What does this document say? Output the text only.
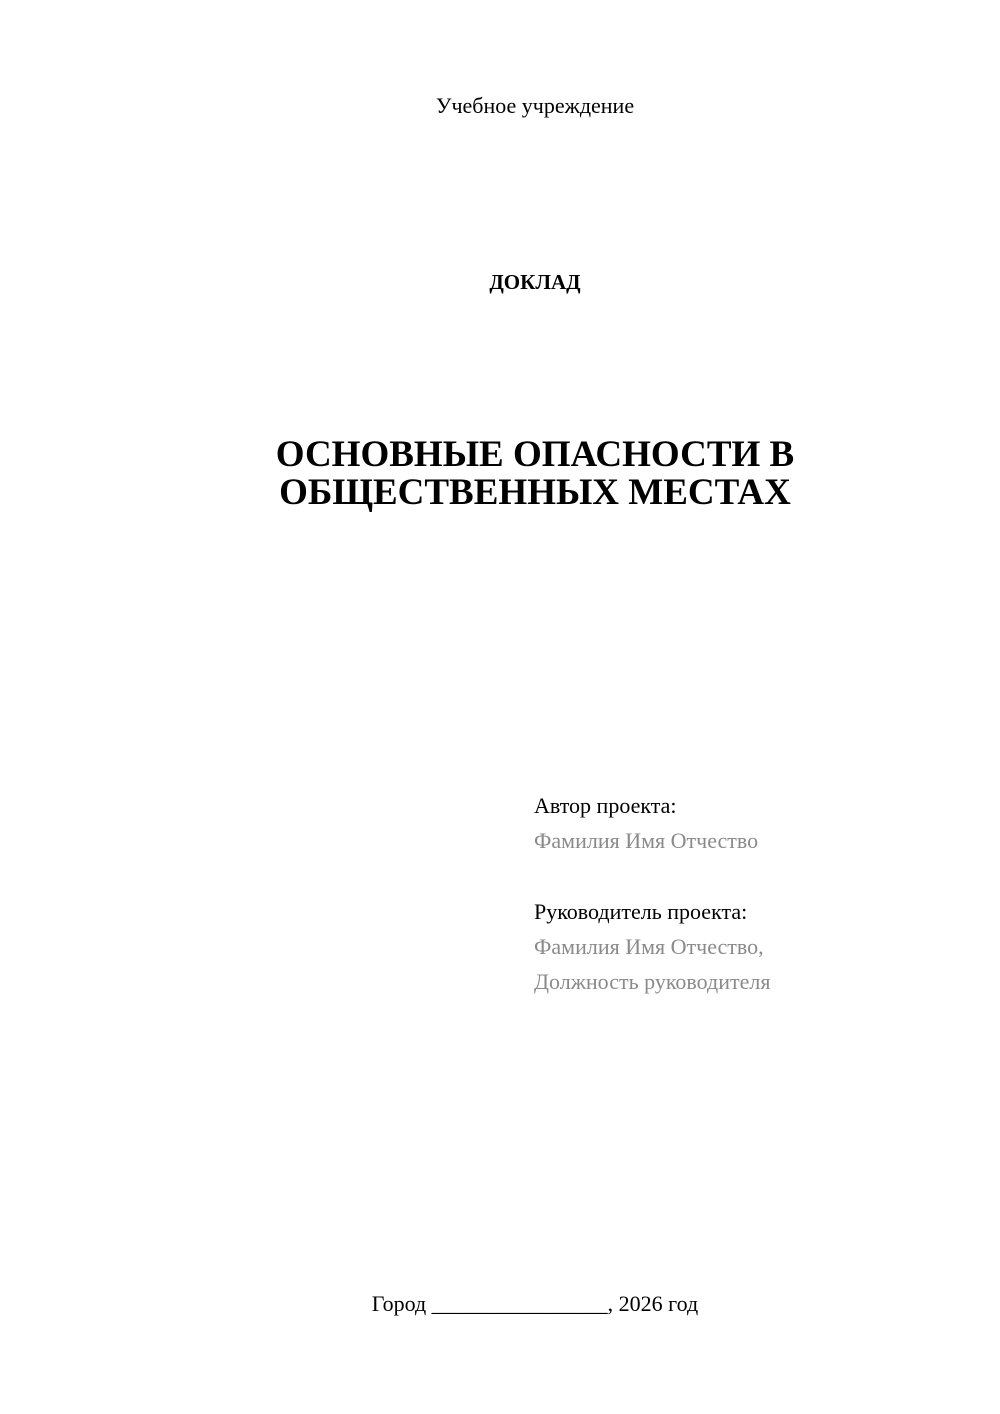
Учебное учреждение
ДОКЛАД
ОСНОВНЫЕ ОПАСНОСТИ В
ОБЩЕСТВЕННЫХ МЕСТАХ
Автор проекта:
Фамилия Имя Отчество
Руководитель проекта:
Фамилия Имя Отчество,
Должность руководителя
Город ________________, 2026 год
